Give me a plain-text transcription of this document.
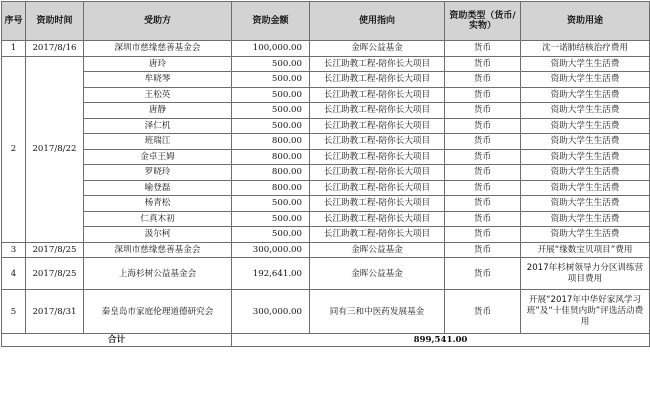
序号	资助时间	受助方	资助金额	使用指向	资助类型（货币/实物）	资助用途
1	2017/8/16	深圳市慈缘慈善基金会	100,000.00	金晖公益基金	货币	沈一诺肺结核治疗费用
2	2017/8/22	唐玲	500.00	长江助教工程-陪你长大项目	货币	资助大学生生活费
		牟晓琴	500.00	长江助教工程-陪你长大项目	货币	资助大学生生活费
		王松英	500.00	长江助教工程-陪你长大项目	货币	资助大学生生活费
		唐静	500.00	长江助教工程-陪你长大项目	货币	资助大学生生活费
		泽仁机	500.00	长江助教工程-陪你长大项目	货币	资助大学生生活费
		班瑞江	800.00	长江助教工程-陪你长大项目	货币	资助大学生生活费
		金卓王姆	800.00	长江助教工程-陪你长大项目	货币	资助大学生生活费
		罗晓玲	800.00	长江助教工程-陪你长大项目	货币	资助大学生生活费
		喻登磊	800.00	长江助教工程-陪你长大项目	货币	资助大学生生活费
		杨青松	500.00	长江助教工程-陪你长大项目	货币	资助大学生生活费
		仁真木初	500.00	长江助教工程-陪你长大项目	货币	资助大学生生活费
		汲尔柯	500.00	长江助教工程-陪你长大项目	货币	资助大学生生活费
3	2017/8/25	深圳市慈缘慈善基金会	300,000.00	金晖公益基金	货币	开展“缘数宝贝项目”费用
4	2017/8/25	上海杉树公益基金会	192,641.00	金晖公益基金	货币	2017年杉树领导力分区训练营项目费用
5	2017/8/31	秦皇岛市家庭伦理道德研究会	300,000.00	同有三和中医药发展基金	货币	开展“2017年中华好家风学习班”及“十佳贤内助”评选活动费用
合计			899,541.00			
